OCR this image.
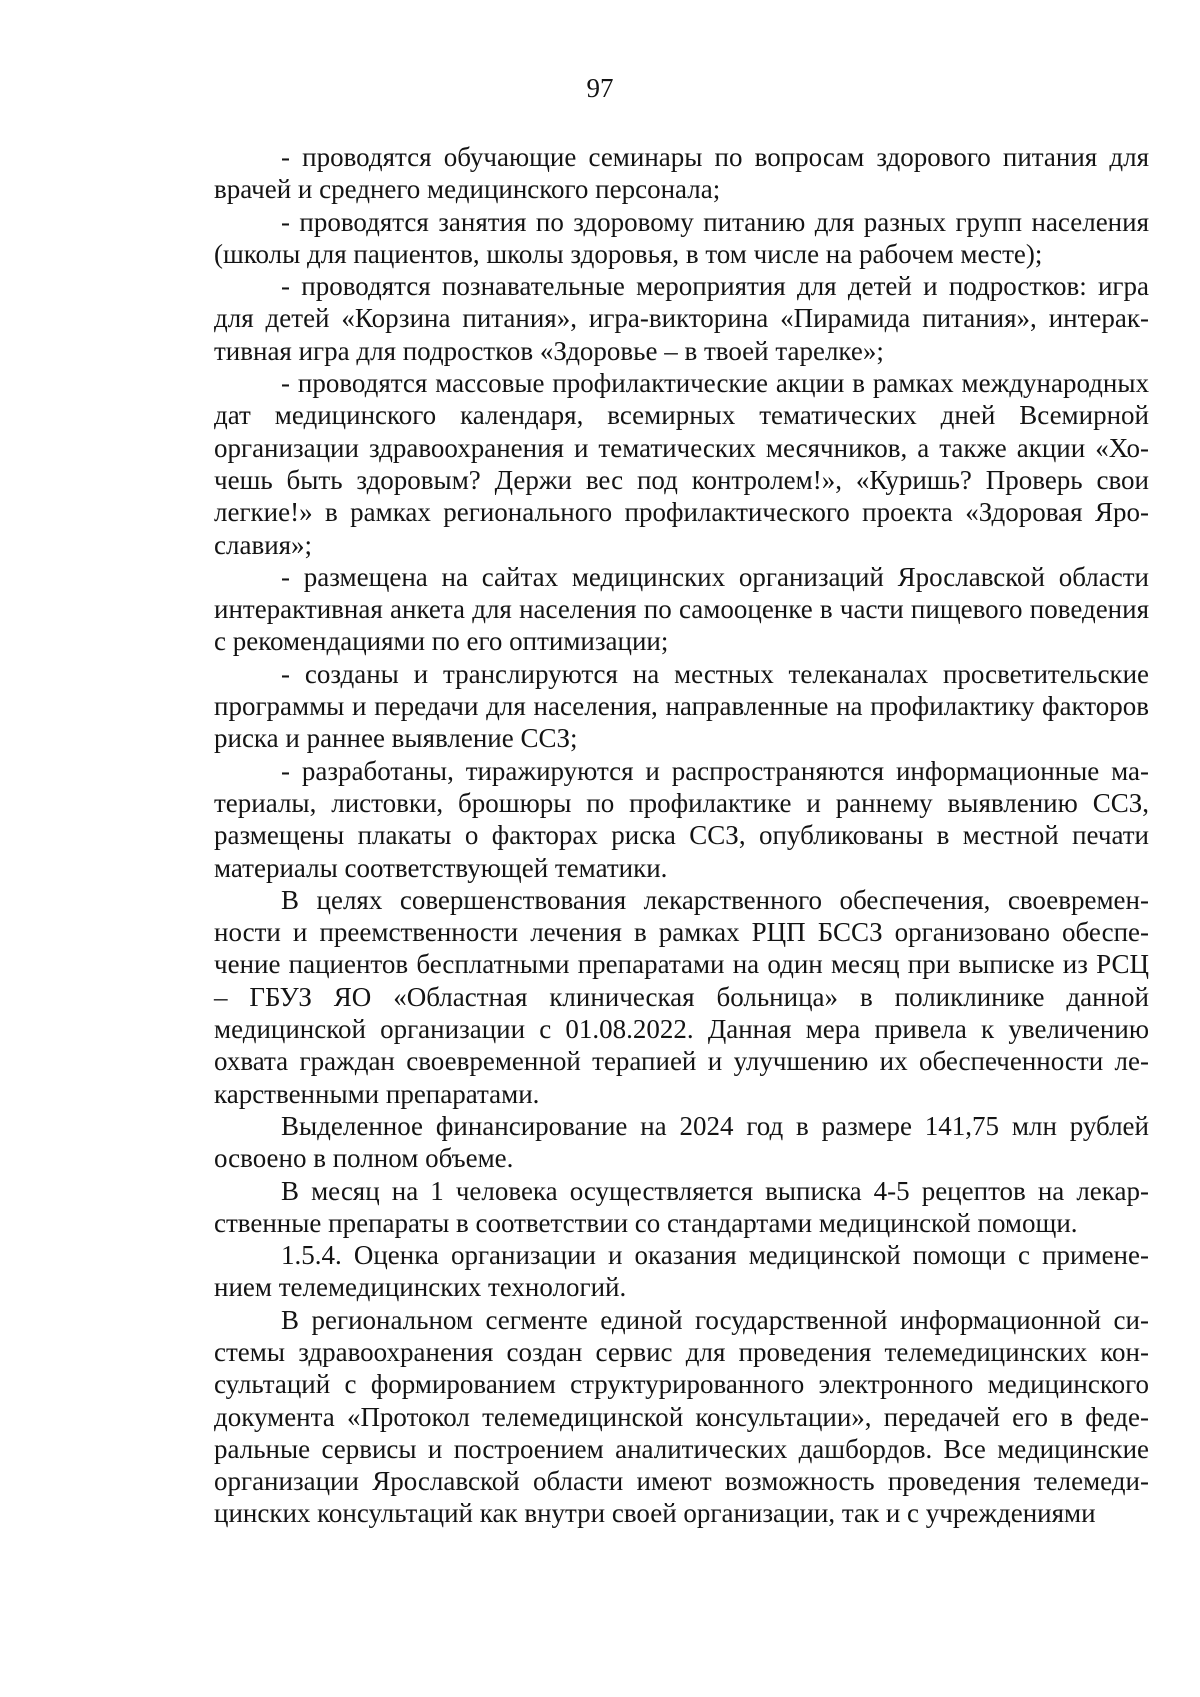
97

- проводятся обучающие семинары по вопросам здорового питания для врачей и среднего медицинского персонала;

- проводятся занятия по здоровому питанию для разных групп населения (школы для пациентов, школы здоровья, в том числе на рабочем месте);

- проводятся познавательные мероприятия для детей и подростков: игра для детей «Корзина питания», игра-викторина «Пирамида питания», интерактивная игра для подростков «Здоровье – в твоей тарелке»;

- проводятся массовые профилактические акции в рамках международных дат медицинского календаря, всемирных тематических дней Всемирной организации здравоохранения и тематических месячников, а также акции «Хочешь быть здоровым? Держи вес под контролем!», «Куришь? Проверь свои легкие!» в рамках регионального профилактического проекта «Здоровая Ярославия»;

- размещена на сайтах медицинских организаций Ярославской области интерактивная анкета для населения по самооценке в части пищевого поведения с рекомендациями по его оптимизации;

- созданы и транслируются на местных телеканалах просветительские программы и передачи для населения, направленные на профилактику факторов риска и раннее выявление ССЗ;

- разработаны, тиражируются и распространяются информационные материалы, листовки, брошюры по профилактике и раннему выявлению ССЗ, размещены плакаты о факторах риска ССЗ, опубликованы в местной печати материалы соответствующей тематики.

В целях совершенствования лекарственного обеспечения, своевременности и преемственности лечения в рамках РЦП БССЗ организовано обеспечение пациентов бесплатными препаратами на один месяц при выписке из РСЦ – ГБУЗ ЯО «Областная клиническая больница» в поликлинике данной медицинской организации с 01.08.2022. Данная мера привела к увеличению охвата граждан своевременной терапией и улучшению их обеспеченности лекарственными препаратами.

Выделенное финансирование на 2024 год в размере 141,75 млн рублей освоено в полном объеме.

В месяц на 1 человека осуществляется выписка 4-5 рецептов на лекарственные препараты в соответствии со стандартами медицинской помощи.

1.5.4. Оценка организации и оказания медицинской помощи с применением телемедицинских технологий.

В региональном сегменте единой государственной информационной системы здравоохранения создан сервис для проведения телемедицинских консультаций с формированием структурированного электронного медицинского документа «Протокол телемедицинской консультации», передачей его в федеральные сервисы и построением аналитических дашбордов. Все медицинские организации Ярославской области имеют возможность проведения телемедицинских консультаций как внутри своей организации, так и с учреждениями
